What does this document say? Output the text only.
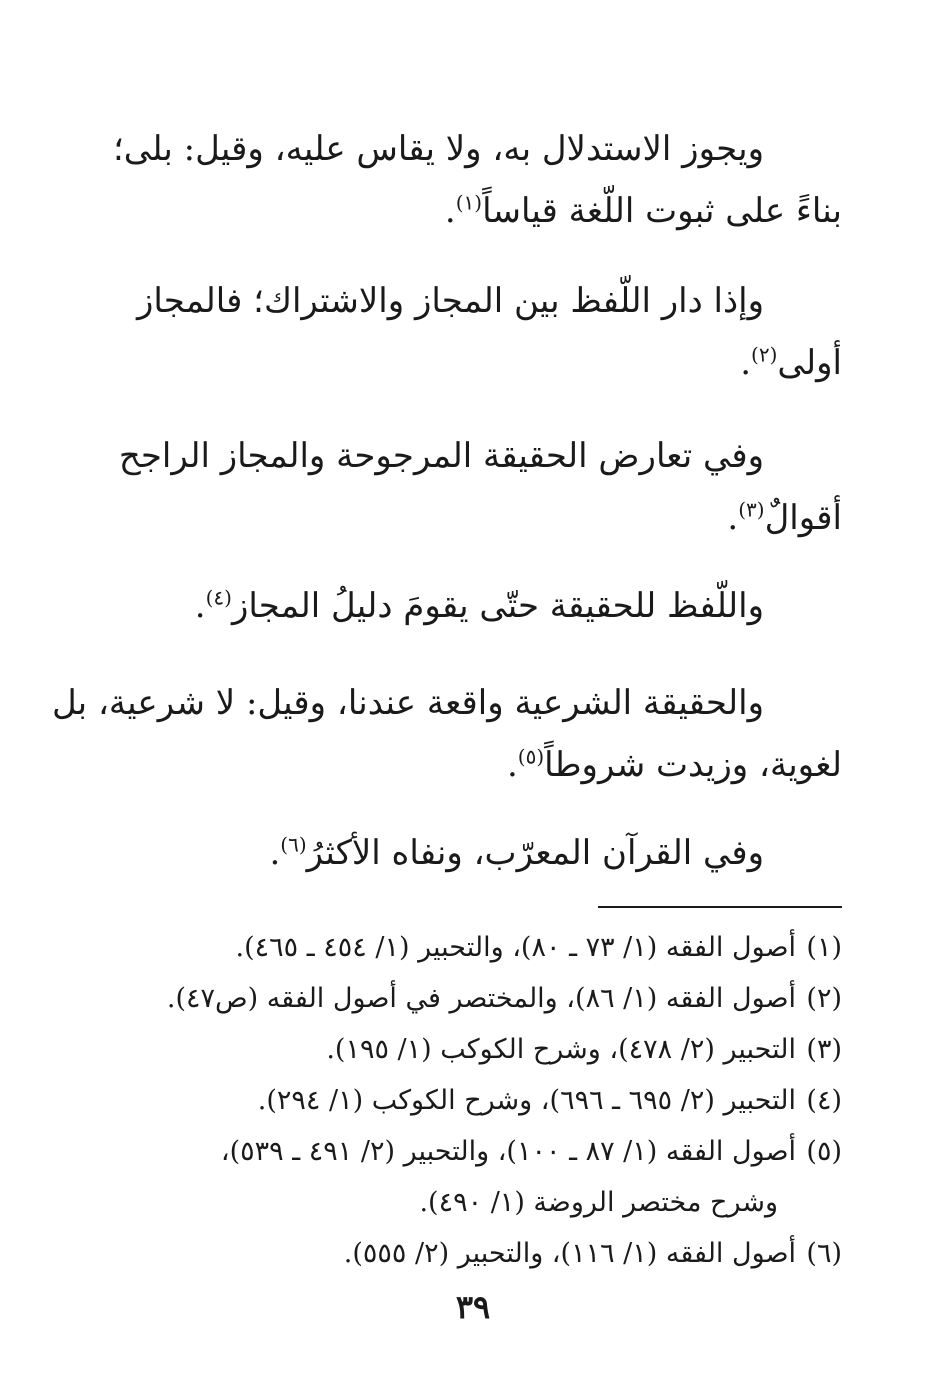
ويجوز الاستدلال به، ولا يقاس عليه، وقيل: بلى؛
بناءً على ثبوت اللّغة قياساً$^{(١)}$.
وإذا دار اللّفظ بين المجاز والاشتراك؛ فالمجاز
أولى$^{(٢)}$.
وفي تعارض الحقيقة المرجوحة والمجاز الراجح
أقوالٌ$^{(٣)}$.
واللّفظ للحقيقة حتّى يقومَ دليلُ المجاز$^{(٤)}$.
والحقيقة الشرعية واقعة عندنا، وقيل: لا شرعية، بل
لغوية، وزيدت شروطاً$^{(٥)}$.
وفي القرآن المعرّب، ونفاه الأكثرُ$^{(٦)}$.
(١)أصول الفقه (١/ ٧٣ ـ ٨٠)، والتحبير (١/ ٤٥٤ ـ ٤٦٥).
(٢)أصول الفقه (١/ ٨٦)، والمختصر في أصول الفقه (ص٤٧).
(٣)التحبير (٢/ ٤٧٨)، وشرح الكوكب (١/ ١٩٥).
(٤)التحبير (٢/ ٦٩٥ ـ ٦٩٦)، وشرح الكوكب (١/ ٢٩٤).
(٥)أصول الفقه (١/ ٨٧ ـ ١٠٠)، والتحبير (٢/ ٤٩١ ـ ٥٣٩)،
وشرح مختصر الروضة (١/ ٤٩٠).
(٦)أصول الفقه (١/ ١١٦)، والتحبير (٢/ ٥٥٥).
٣٩
